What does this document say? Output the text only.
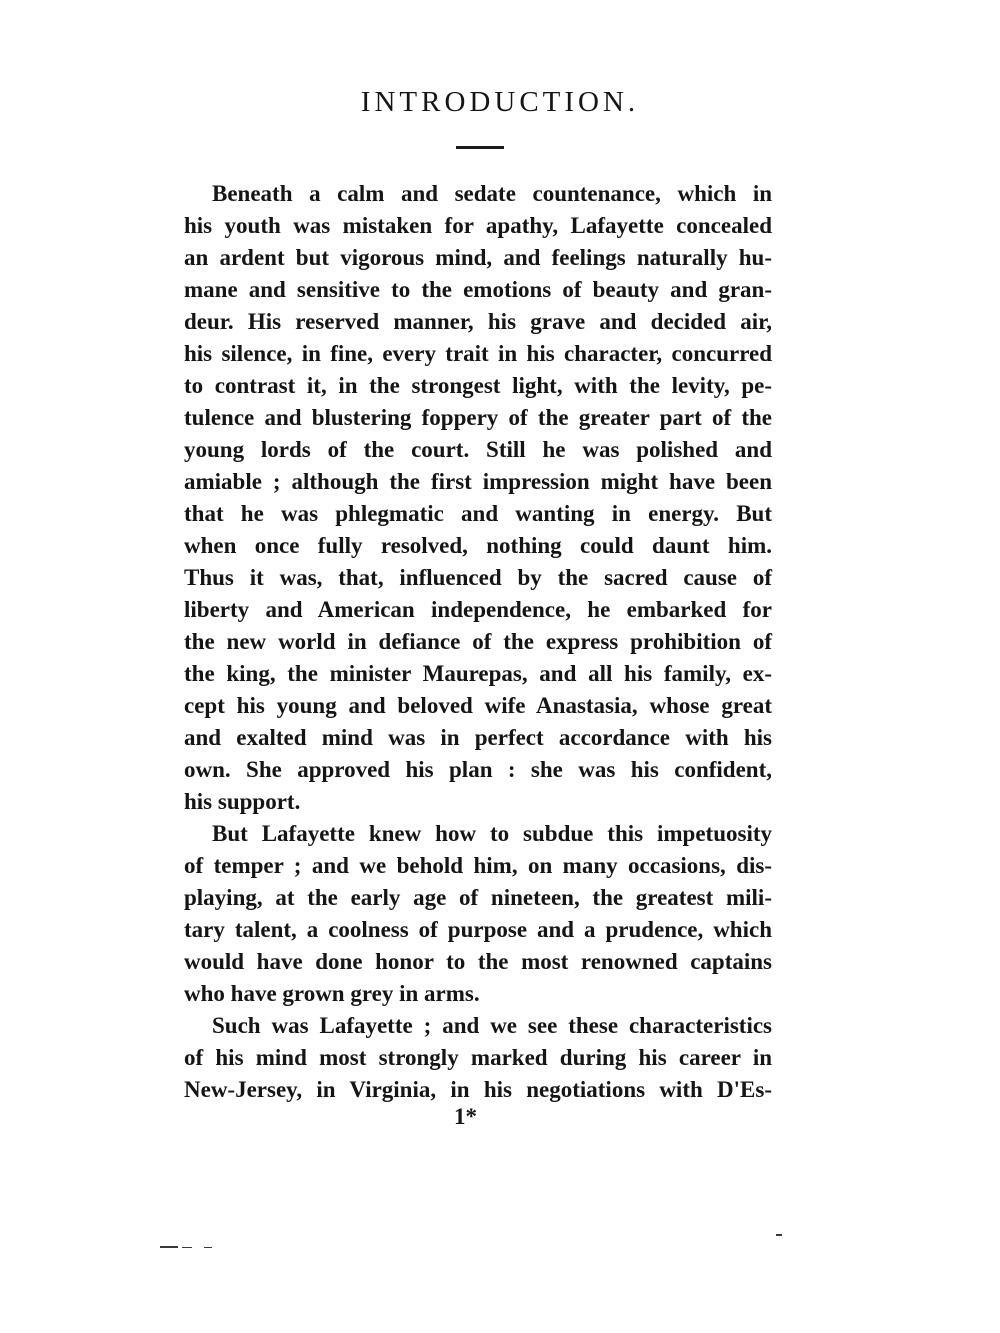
INTRODUCTION.

Beneath a calm and sedate countenance, which in

his youth was mistaken for apathy, Lafayette concealed

an ardent but vigorous mind, and feelings naturally hu-

mane and sensitive to the emotions of beauty and gran-

deur. His reserved manner, his grave and decided air,

his silence, in fine, every trait in his character, concurred

to contrast it, in the strongest light, with the levity, pe-

tulence and blustering foppery of the greater part of the

young lords of the court. Still he was polished and

amiable ; although the first impression might have been

that he was phlegmatic and wanting in energy. But

when once fully resolved, nothing could daunt him.

Thus it was, that, influenced by the sacred cause of

liberty and American independence, he embarked for

the new world in defiance of the express prohibition of

the king, the minister Maurepas, and all his family, ex-

cept his young and beloved wife Anastasia, whose great

and exalted mind was in perfect accordance with his

own. She approved his plan : she was his confident,

his support.

But Lafayette knew how to subdue this impetuosity

of temper ; and we behold him, on many occasions, dis-

playing, at the early age of nineteen, the greatest mili-

tary talent, a coolness of purpose and a prudence, which

would have done honor to the most renowned captains

who have grown grey in arms.

Such was Lafayette ; and we see these characteristics

of his mind most strongly marked during his career in

New-Jersey, in Virginia, in his negotiations with D'Es-

1*
